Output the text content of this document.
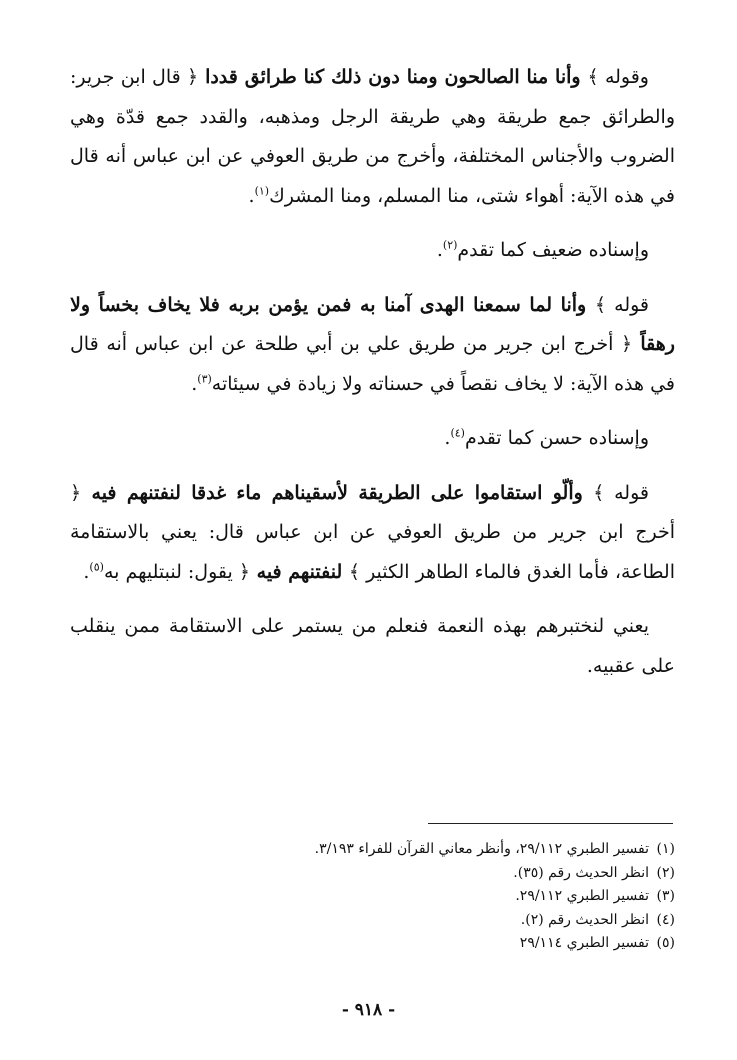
وقوله ﴾ وأنا منا الصالحون ومنا دون ذلك كنا طرائق قددا ﴿ قال ابن جرير: والطرائق جمع طريقة وهي طريقة الرجل ومذهبه، والقدد جمع قدّة وهي الضروب والأجناس المختلفة، وأخرج من طريق العوفي عن ابن عباس أنه قال في هذه الآية: أهواء شتى، منا المسلم، ومنا المشرك$^{(١)}$.

وإسناده ضعيف كما تقدم$^{(٢)}$.

قوله ﴾ وأنا لما سمعنا الهدى آمنا به فمن يؤمن بربه فلا يخاف بخساً ولا رهقاً ﴿ أخرج ابن جرير من طريق علي بن أبي طلحة عن ابن عباس أنه قال في هذه الآية: لا يخاف نقصاً في حسناته ولا زيادة في سيئاته$^{(٣)}$.

وإسناده حسن كما تقدم$^{(٤)}$.

قوله ﴾ وألّو استقاموا على الطريقة لأسقيناهم ماء غدقا لنفتنهم فيه ﴿ أخرج ابن جرير من طريق العوفي عن ابن عباس قال: يعني بالاستقامة الطاعة، فأما الغدق فالماء الطاهر الكثير ﴾ لنفتنهم فيه ﴿ يقول: لنبتليهم به$^{(٥)}$.

يعني لنختبرهم بهذه النعمة فنعلم من يستمر على الاستقامة ممن ينقلب على عقبيه.

(١)تفسير الطبري ٢٩/١١٢، وأنظر معاني القرآن للفراء ٣/١٩٣.
(٢)انظر الحديث رقم (٣٥).
(٣)تفسير الطبري ٢٩/١١٢.
(٤)انظر الحديث رقم (٢).
(٥)تفسير الطبري ٢٩/١١٤
- ٩١٨ -
